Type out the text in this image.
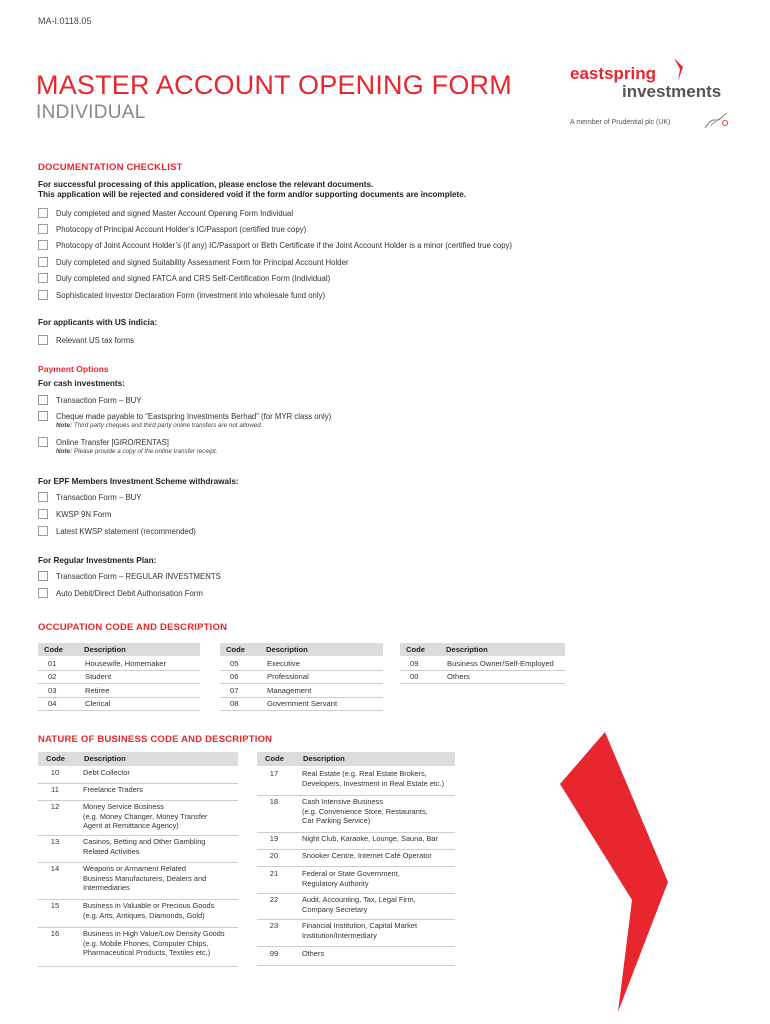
MA-I.0118.05
MASTER ACCOUNT OPENING FORM
INDIVIDUAL
eastspring
investments
A member of Prudential plc (UK)
DOCUMENTATION CHECKLIST
For successful processing of this application, please enclose the relevant documents.
This application will be rejected and considered void if the form and/or supporting documents are incomplete.
Duly completed and signed Master Account Opening Form Individual
Photocopy of Principal Account Holder’s IC/Passport (certified true copy)
Photocopy of Joint Account Holder’s (if any) IC/Passport or Birth Certificate if the Joint Account Holder is a minor (certified true copy)
Duly completed and signed Suitability Assessment Form for Principal Account Holder
Duly completed and signed FATCA and CRS Self-Certification Form (Individual)
Sophisticated Investor Declaration Form (investment into wholesale fund only)
For applicants with US indicia:
Relevant US tax forms
Payment Options
For cash investments:
Transaction Form – BUY
Cheque made payable to “Eastspring Investments Berhad” (for MYR class only)
Note: Third party cheques and third party online transfers are not allowed.
Online Transfer [GIRO/RENTAS]
Note: Please provide a copy of the online transfer receipt.
For EPF Members Investment Scheme withdrawals:
Transaction Form – BUY
KWSP 9N Form
Latest KWSP statement (recommended)
For Regular Investments Plan:
Transaction Form – REGULAR INVESTMENTS
Auto Debit/Direct Debit Authorisation Form
OCCUPATION CODE AND DESCRIPTION
Code	Description
01	Housewife, Homemaker
02	Student
03	Retiree
04	Clerical
Code	Description
05	Executive
06	Professional
07	Management
08	Government Servant
Code	Description
09	Business Owner/Self-Employed
00	Others
NATURE OF BUSINESS CODE AND DESCRIPTION
Code	Description
10	Debt Collector
11	Freelance Traders
12	Money Service Business
(e.g. Money Changer, Money Transfer
Agent at Remittance Agency)
13	Casinos, Betting and Other Gambling
Related Activities
14	Weapons or Armament Related
Business Manufacturers, Dealers and
Intermediaries
15	Business in Valuable or Precious Goods
(e.g. Arts, Antiques, Diamonds, Gold)
16	Business in High Value/Low Density Goods
(e.g. Mobile Phones, Computer Chips,
Pharmaceutical Products, Textiles etc.)
Code	Description
17	Real Estate (e.g. Real Estate Brokers,
Developers, Investment in Real Estate etc.)
18	Cash Intensive Business
(e.g. Convenience Store, Restaurants,
Car Parking Service)
19	Night Club, Karaoke, Lounge, Sauna, Bar
20	Snooker Centre, Internet Café Operator
21	Federal or State Government,
Regulatory Authority
22	Audit, Accounting, Tax, Legal Firm,
Company Secretary
23	Financial Institution, Capital Market
Institution/Intermediary
99	Others
